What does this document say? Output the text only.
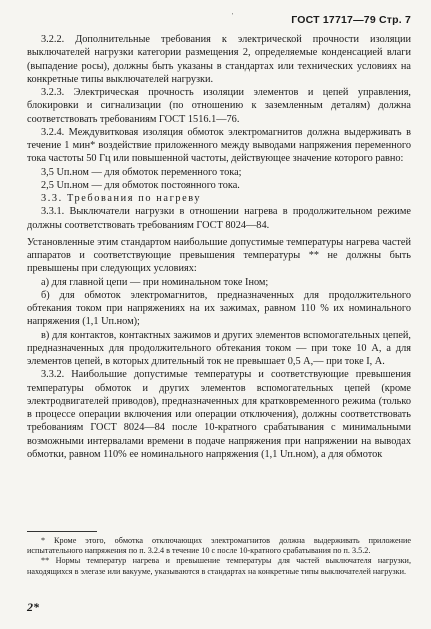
'	ГОСТ 17717—79 Стр. 7

3.2.2. Дополнительные требования к электрической прочности изоляции выключателей нагрузки категории размещения 2, определяемые конденсацией влаги (выпадение росы), должны быть указаны в стандартах или технических условиях на конкретные типы выключателей нагрузки.

3.2.3. Электрическая прочность изоляции элементов и цепей управления, блокировки и сигнализации (по отношению к заземленным деталям) должна соответствовать требованиям ГОСТ 1516.1—76.

3.2.4. Междувитковая изоляция обмоток электромагнитов должна выдерживать в течение 1 мин* воздействие приложенного между выводами напряжения переменного тока частоты 50 Гц или повышенной частоты, действующее значение которого равно:

3,5 Uп.ном — для обмоток переменного тока;

2,5 Uп.ном — для обмоток постоянного тока.

3.3. Требования по нагреву

3.3.1. Выключатели нагрузки в отношении нагрева в продолжительном режиме должны соответствовать требованиям ГОСТ 8024—84.

Установленные этим стандартом наибольшие допустимые температуры нагрева частей аппаратов и соответствующие превышения температуры ** не должны быть превышены при следующих условиях:

а) для главной цепи — при номинальном токе Iном;

б) для обмоток электромагнитов, предназначенных для продолжительного обтекания током при напряжениях на их зажимах, равном 110 % их номинального напряжения (1,1 Uп.ном);

в) для контактов, контактных зажимов и других элементов вспомогательных цепей, предназначенных для продолжительного обтекания током — при токе 10 А, а для элементов цепей, в которых длительный ток не превышает 0,5 А,— при токе I, А.

3.3.2. Наибольшие допустимые температуры и соответствующие превышения температуры обмоток и других элементов вспомогательных цепей (кроме электродвигателей приводов), предназначенных для кратковременного режима (только в процессе операции включения или операции отключения), должны соответствовать требованиям ГОСТ 8024—84 после 10-кратного срабатывания с минимальными возможными интервалами времени в подаче напряжения при напряжении на выводах обмотки, равном 110% ее номинального напряжения (1,1 Uп.ном), а для обмоток

* Кроме этого, обмотка отключающих электромагнитов должна выдерживать приложение испытательного напряжения по п. 3.2.4 в течение 10 с после 10-кратного срабатывания по п. 3.5.2.

** Нормы температур нагрева и превышение температуры для частей выключателя нагрузки, находящихся в элегазе или вакууме, указываются в стандартах на конкретные типы выключателей нагрузки.

2*
